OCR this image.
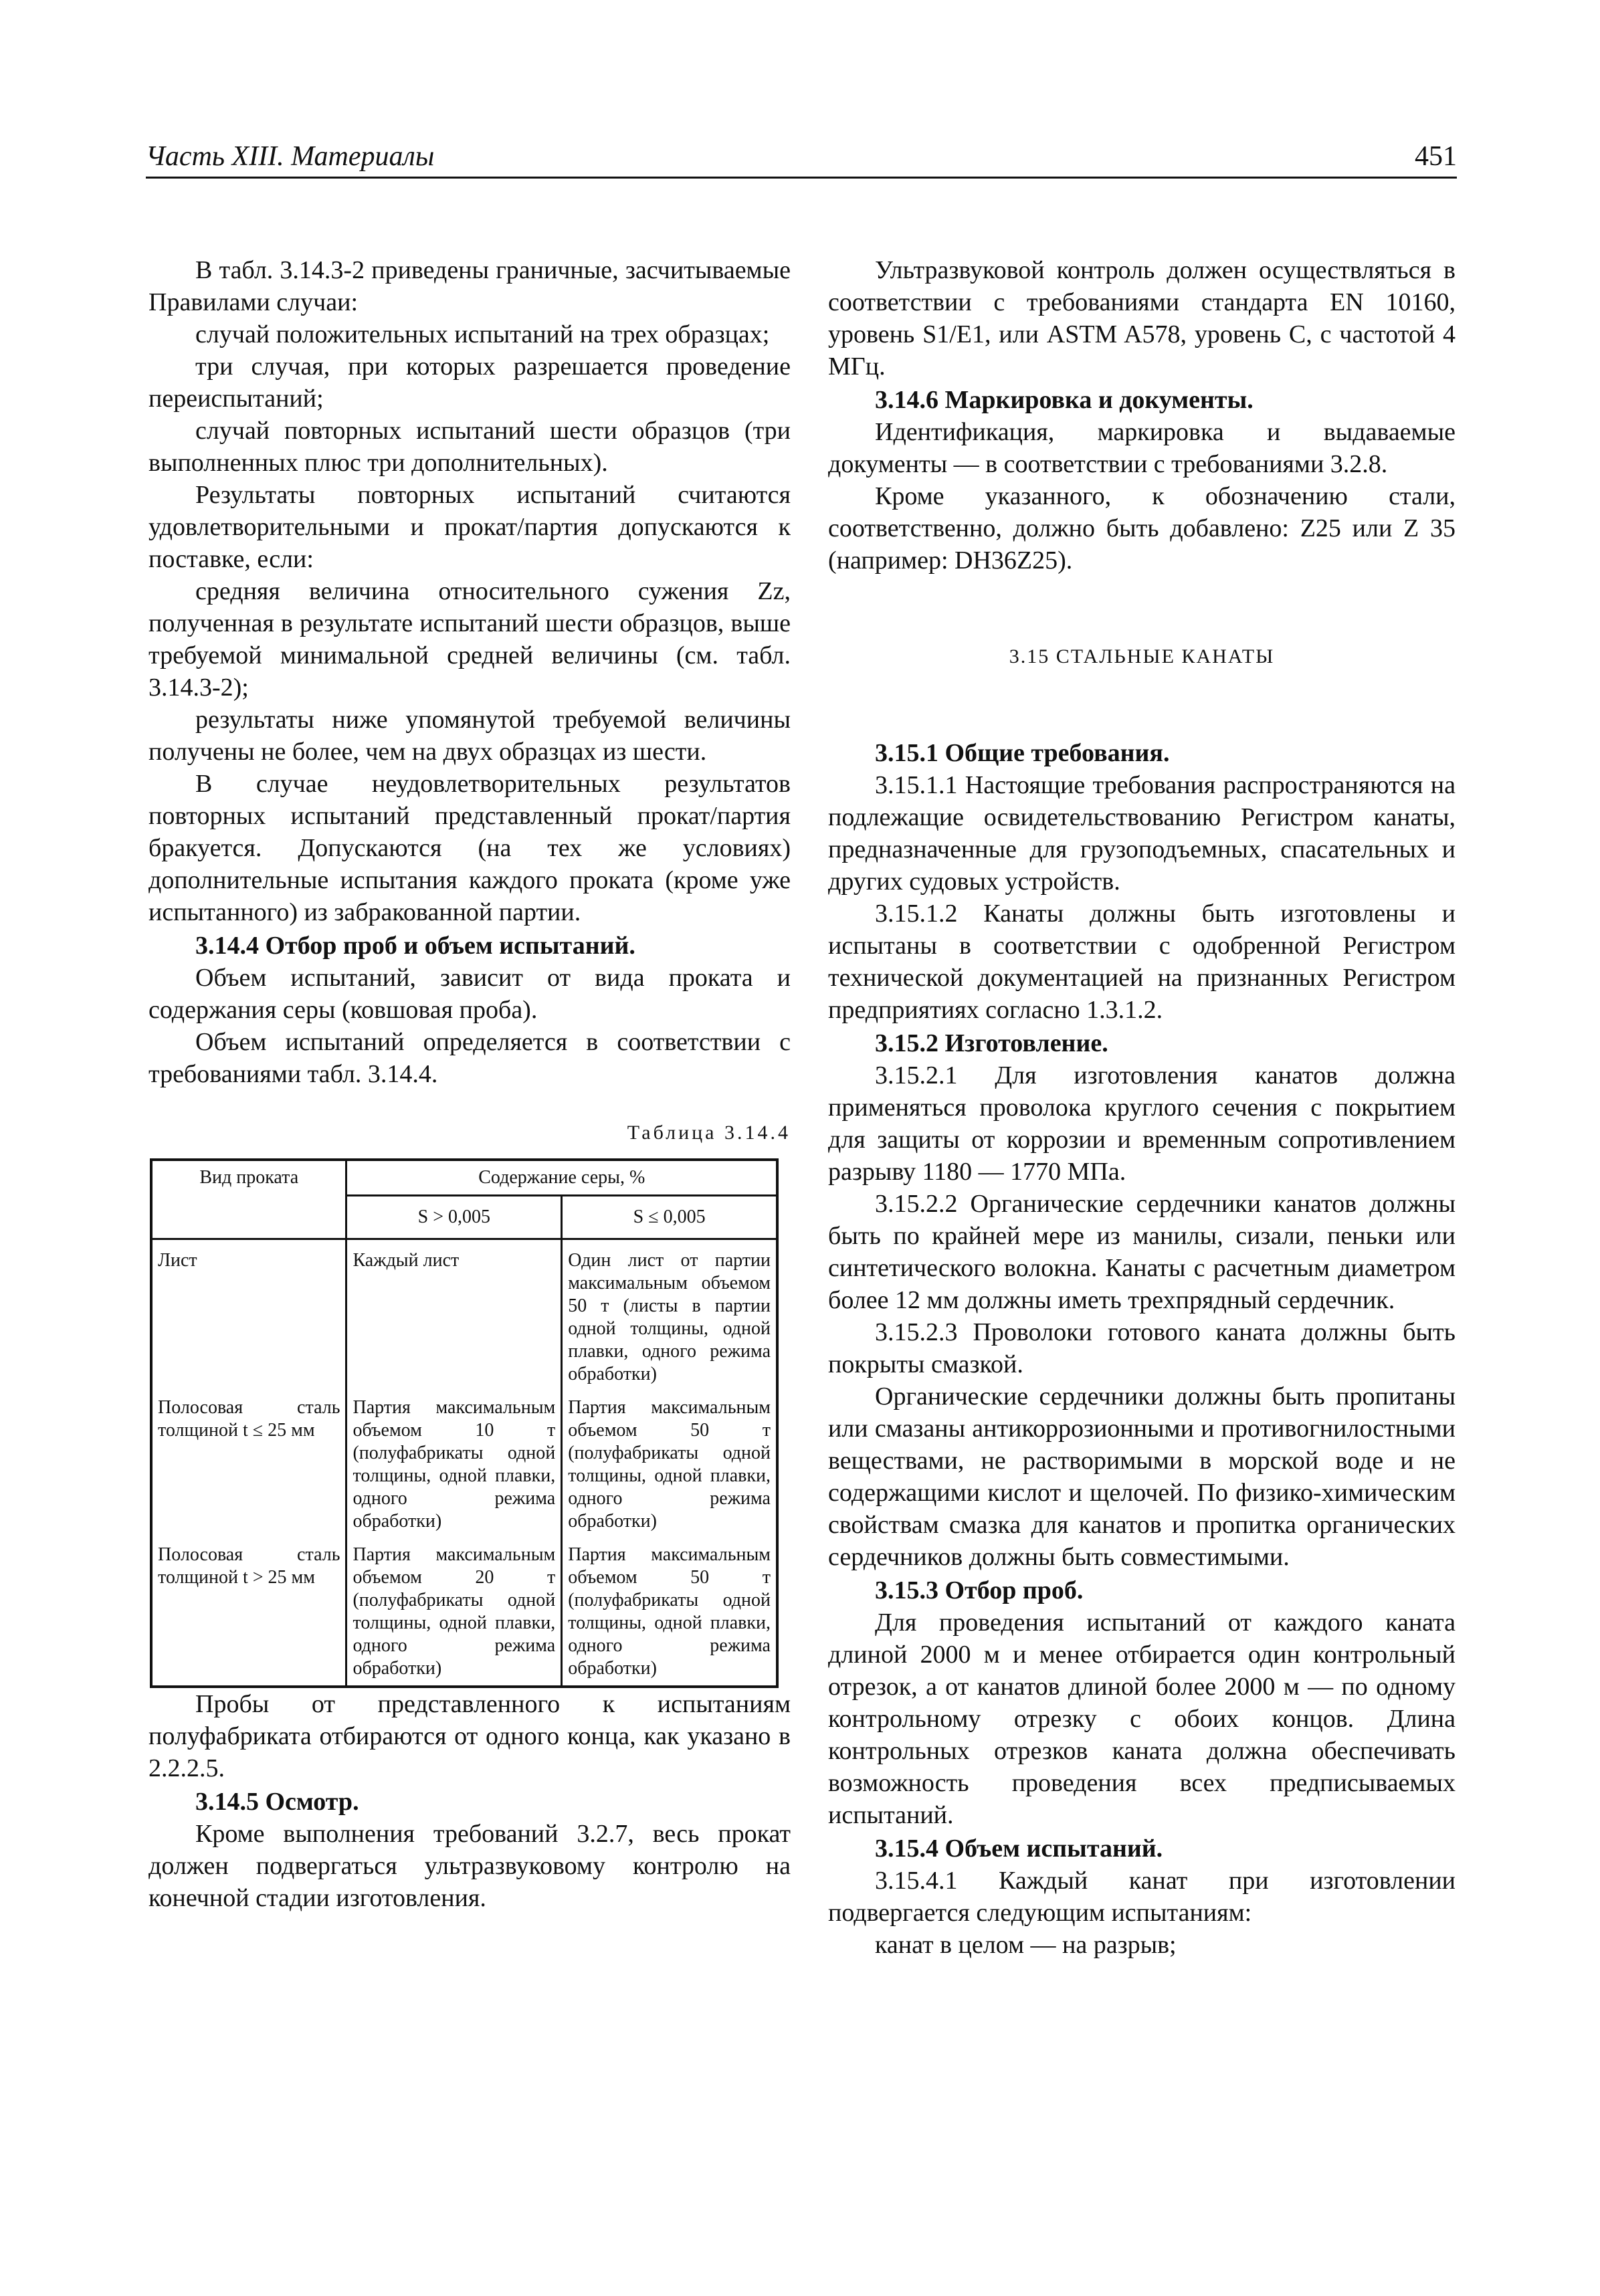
Часть XIII. Материалы	451

В табл. 3.14.3-2 приведены граничные, засчитываемые Правилами случаи:

случай положительных испытаний на трех образцах;

три случая, при которых разрешается проведение переиспытаний;

случай повторных испытаний шести образцов (три выполненных плюс три дополнительных).

Результаты повторных испытаний считаются удовлетворительными и прокат/партия допускаются к поставке, если:

средняя величина относительного сужения Zz, полученная в результате испытаний шести образцов, выше требуемой минимальной средней величины (см. табл. 3.14.3-2);

результаты ниже упомянутой требуемой величины получены не более, чем на двух образцах из шести.

В случае неудовлетворительных результатов повторных испытаний представленный прокат/партия бракуется. Допускаются (на тех же условиях) дополнительные испытания каждого проката (кроме уже испытанного) из забракованной партии.

3.14.4 Отбор проб и объем испытаний.

Объем испытаний, зависит от вида проката и содержания серы (ковшовая проба).

Объем испытаний определяется в соответствии с требованиями табл. 3.14.4.

Таблица 3.14.4
Вид проката	Содержание серы, %	
	S > 0,005	S ≤ 0,005
Лист	Каждый лист	Один лист от партии максимальным объемом 50 т (листы в партии одной толщины, одной плавки, одного режима обработки)
Полосовая сталь толщиной t ≤ 25 мм	Партия максимальным объемом 10 т (полуфабрикаты одной толщины, одной плавки, одного режима обработки)	Партия максимальным объемом 50 т (полуфабрикаты одной толщины, одной плавки, одного режима обработки)
Полосовая сталь толщиной t > 25 мм	Партия максимальным объемом 20 т (полуфабрикаты одной толщины, одной плавки, одного режима обработки)	Партия максимальным объемом 50 т (полуфабрикаты одной толщины, одной плавки, одного режима обработки)

Пробы от представленного к испытаниям полуфабриката отбираются от одного конца, как указано в 2.2.2.5.

3.14.5 Осмотр.

Кроме выполнения требований 3.2.7, весь прокат должен подвергаться ультразвуковому контролю на конечной стадии изготовления.

Ультразвуковой контроль должен осуществляться в соответствии с требованиями стандарта EN 10160, уровень S1/E1, или ASTM A578, уровень C, с частотой 4 МГц.

3.14.6 Маркировка и документы.

Идентификация, маркировка и выдаваемые документы — в соответствии с требованиями 3.2.8.

Кроме указанного, к обозначению стали, соответственно, должно быть добавлено: Z25 или Z 35 (например: DH36Z25).

3.15 СТАЛЬНЫЕ КАНАТЫ

3.15.1 Общие требования.

3.15.1.1 Настоящие требования распространяются на подлежащие освидетельствованию Регистром канаты, предназначенные для грузоподъемных, спасательных и других судовых устройств.

3.15.1.2 Канаты должны быть изготовлены и испытаны в соответствии с одобренной Регистром технической документацией на признанных Регистром предприятиях согласно 1.3.1.2.

3.15.2 Изготовление.

3.15.2.1 Для изготовления канатов должна применяться проволока круглого сечения с покрытием для защиты от коррозии и временным сопротивлением разрыву 1180 — 1770 МПа.

3.15.2.2 Органические сердечники канатов должны быть по крайней мере из манилы, сизали, пеньки или синтетического волокна. Канаты с расчетным диаметром более 12 мм должны иметь трехпрядный сердечник.

3.15.2.3 Проволоки готового каната должны быть покрыты смазкой.

Органические сердечники должны быть пропитаны или смазаны антикоррозионными и противогнилостными веществами, не растворимыми в морской воде и не содержащими кислот и щелочей. По физико-химическим свойствам смазка для канатов и пропитка органических сердечников должны быть совместимыми.

3.15.3 Отбор проб.

Для проведения испытаний от каждого каната длиной 2000 м и менее отбирается один контрольный отрезок, а от канатов длиной более 2000 м — по одному контрольному отрезку с обоих концов. Длина контрольных отрезков каната должна обеспечивать возможность проведения всех предписываемых испытаний.

3.15.4 Объем испытаний.

3.15.4.1 Каждый канат при изготовлении подвергается следующим испытаниям:

канат в целом — на разрыв;
